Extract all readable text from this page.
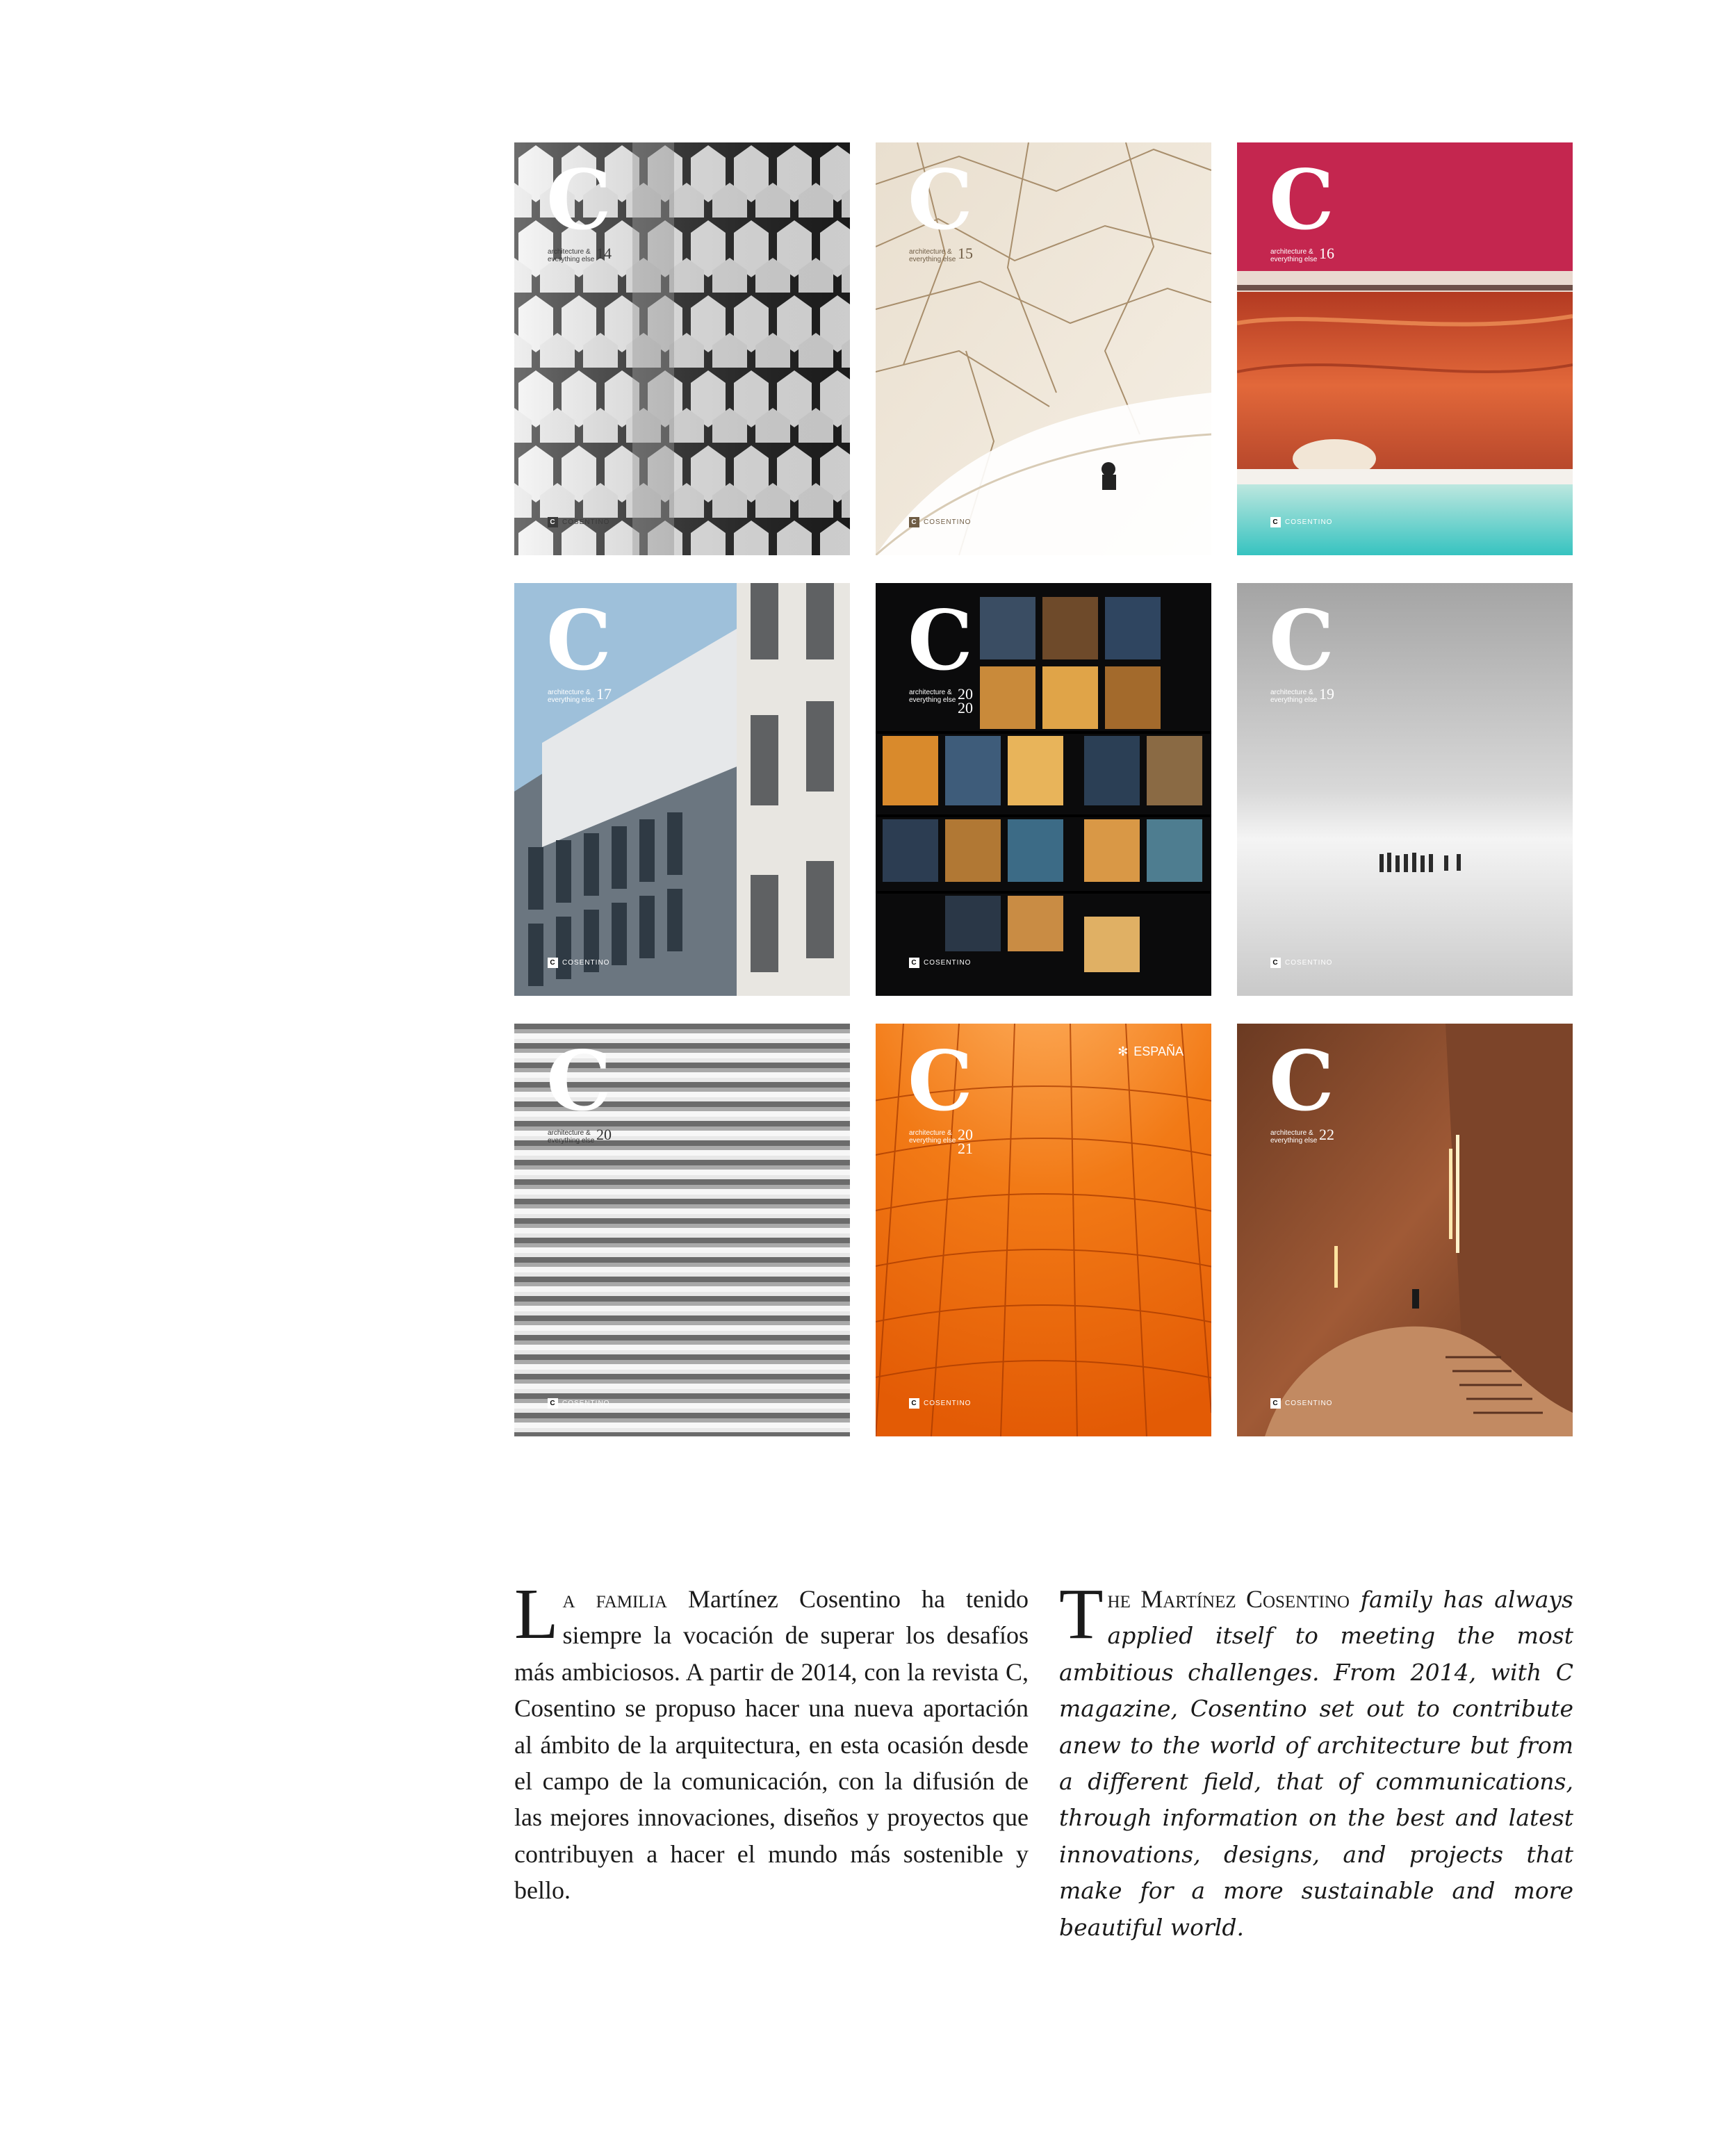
C
architecture & everything else 14
C COSENTINO
C
architecture & everything else 15
C COSENTINO
C
architecture & everything else 16
C COSENTINO
C
architecture & everything else 17
C COSENTINO
C
architecture & everything else 20 20
C COSENTINO
C
architecture & everything else 19
C COSENTINO
C
architecture & everything else 20
C COSENTINO
C
architecture & everything else 20 21
✻ ESPAÑA
C COSENTINO
C
architecture & everything else 22
C COSENTINO
La familia Martínez Cosentino ha tenido siempre la vocación de superar los desafíos más ambiciosos. A partir de 2014, con la revista C, Cosentino se propuso hacer una nueva aportación al ámbito de la arquitectura, en esta ocasión desde el campo de la comunicación, con la difusión de las mejores innovaciones, diseños y proyectos que contribuyen a hacer el mundo más sostenible y bello.
The Martínez Cosentino family has always applied itself to meeting the most ambitious challenges. From 2014, with C magazine, Cosentino set out to contribute anew to the world of architecture but from a different field, that of communications, through information on the best and latest innovations, designs, and projects that make for a more sustainable and more beautiful world.
